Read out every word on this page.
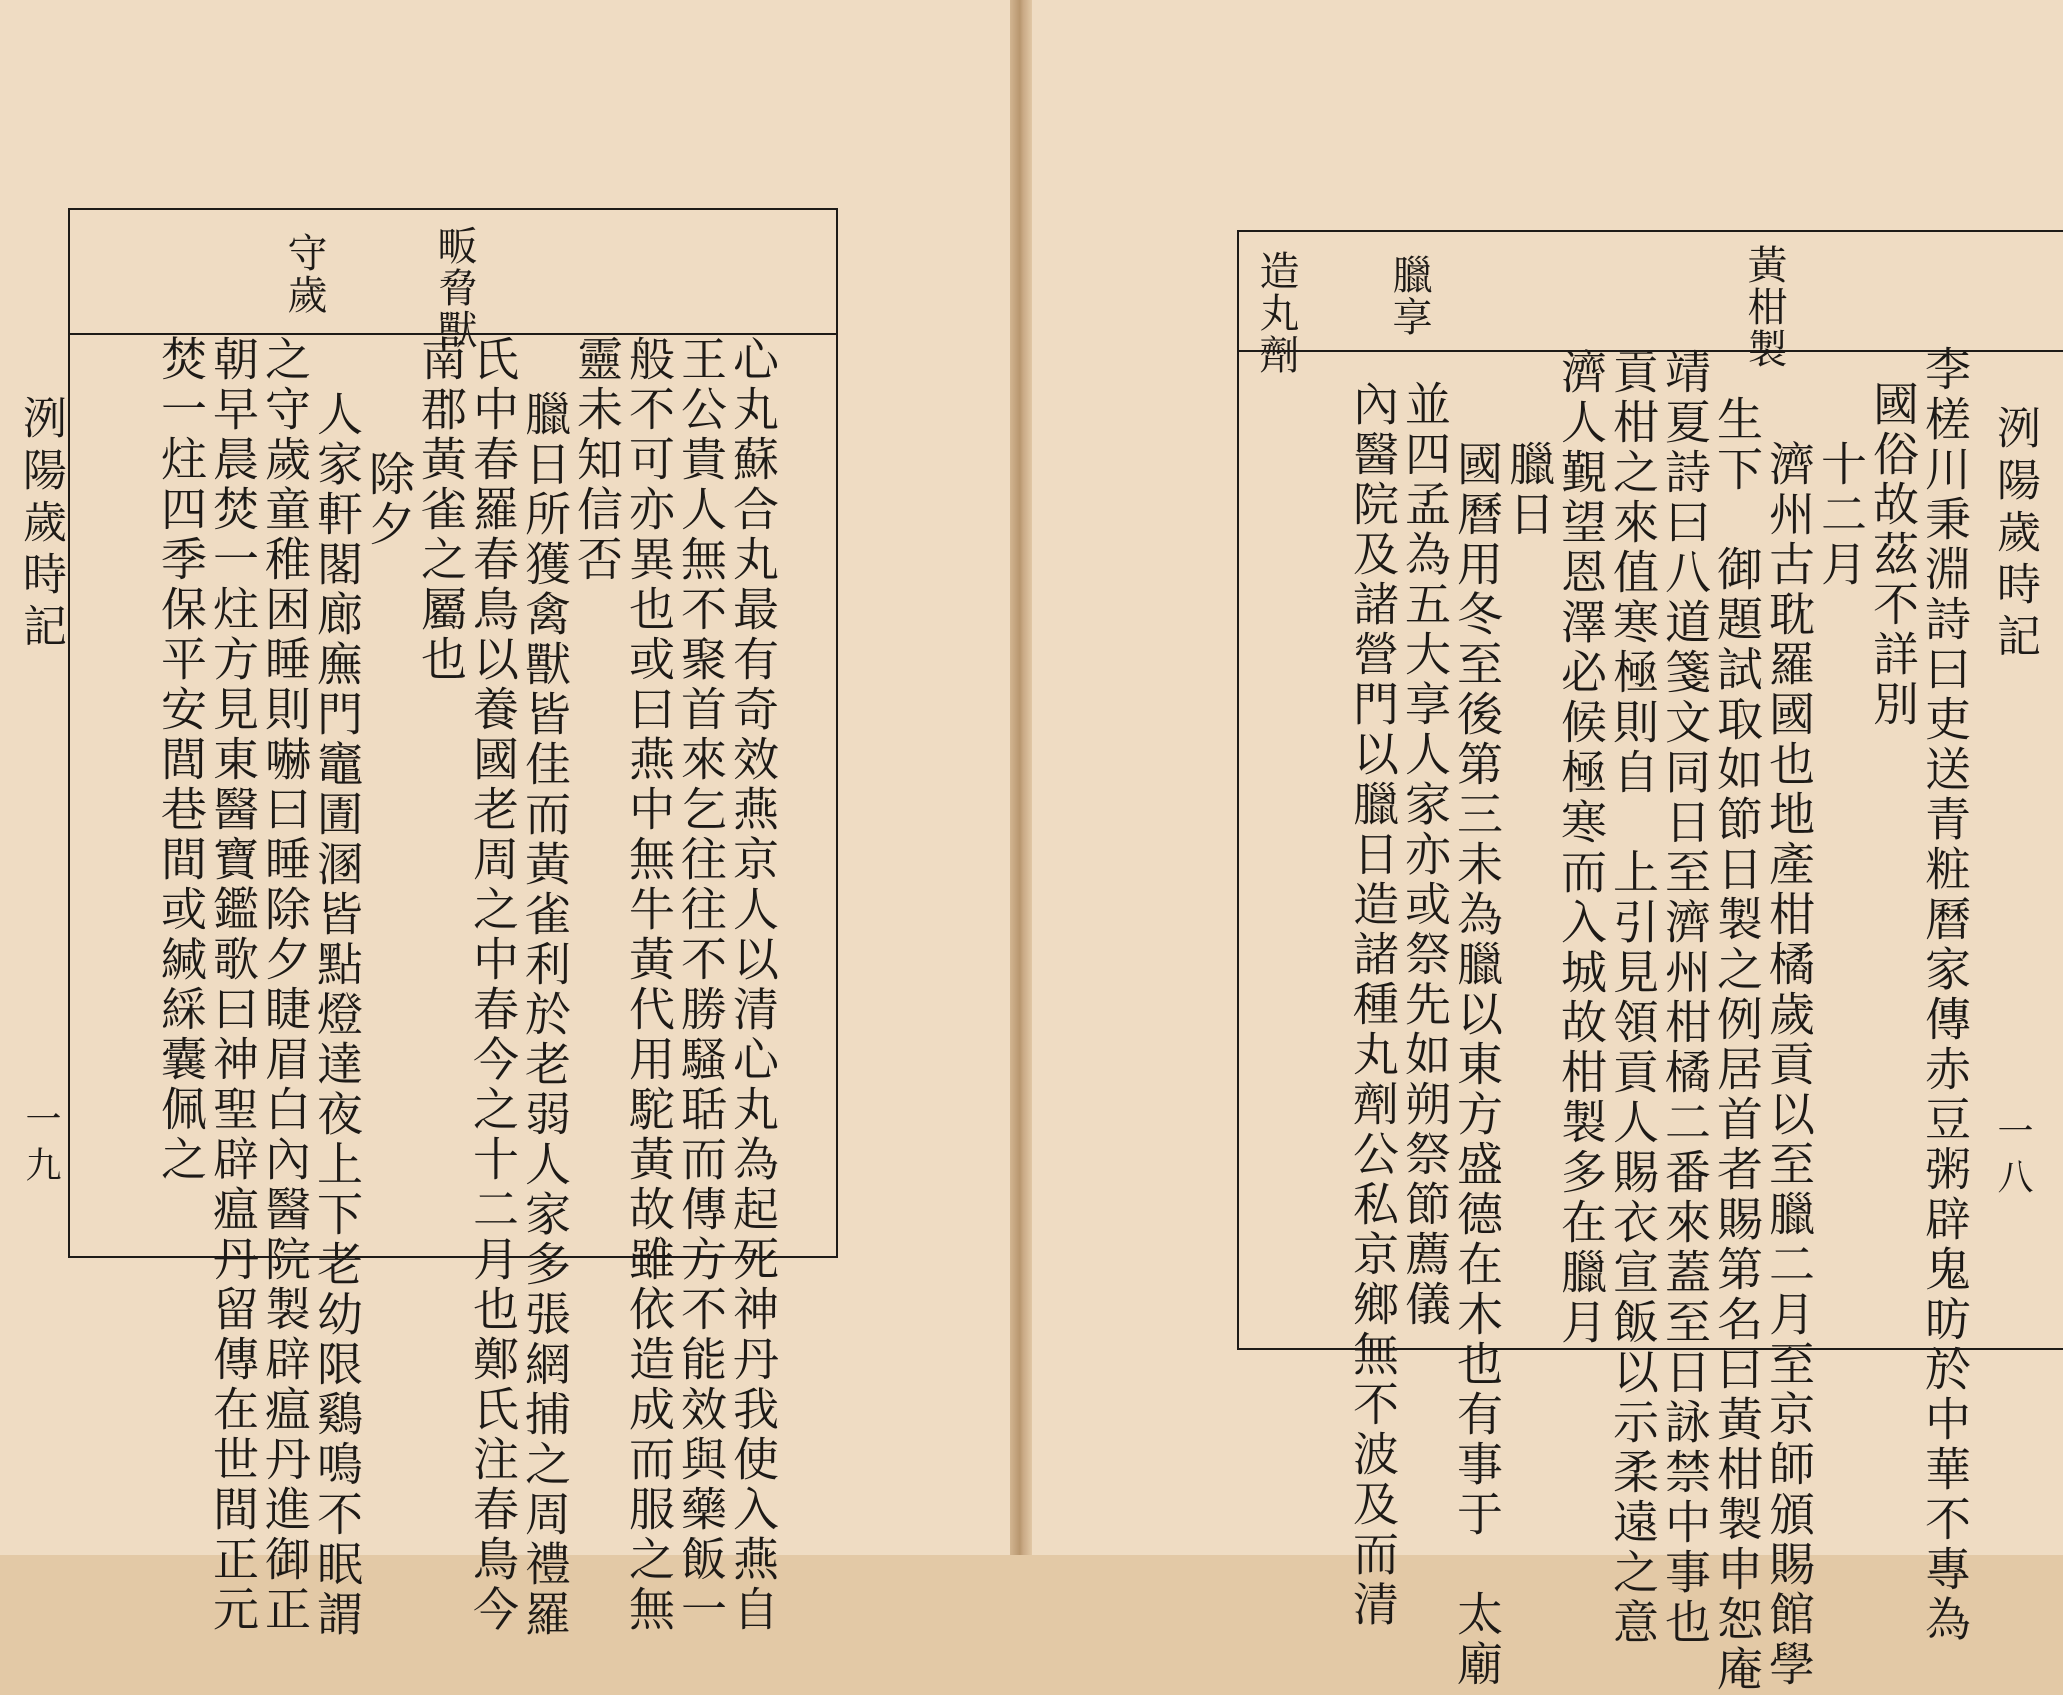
洌陽歲時記
一九
守歲	畈脅獸
心丸蘇合丸最有奇效燕京人以清心丸為起死神丹我使入燕自
王公貴人無不聚首來乞往往不勝騷聒而傳方不能效與藥飯一
般不可亦異也或曰燕中無牛黃代用駝黃故雖依造成而服之無
靈未知信否
臘日所獲禽獸皆佳而黃雀利於老弱人家多張網捕之周禮羅
氏中春羅春鳥以養國老周之中春今之十二月也鄭氏注春鳥今
南郡黃雀之屬也
除夕
人家軒閣廊廡門竈圊溷皆點燈達夜上下老幼限鷄鳴不眠謂
之守歲童稚困睡則嚇曰睡除夕睫眉白內醫院製辟瘟丹進御正
朝早晨焚一炷方見東醫寶鑑歌曰神聖辟瘟丹留傳在世間正元
焚一炷四季保平安閭巷間或緘綵囊佩之	洌陽歲時記
一八
黃柑製
臘享
造丸劑
李槎川秉淵詩曰吏送青粧曆家傳赤豆粥辟鬼昉於中華不專為
國俗故茲不詳別
十二月
濟州古耽羅國也地產柑橘歲貢以至臘二月至京師頒賜館學
生下　御題試取如節日製之例居首者賜第名曰黃柑製申恕庵
靖夏詩曰八道箋文同日至濟州柑橘二番來蓋至日詠禁中事也
貢柑之來值寒極則自　上引見領貢人賜衣宣飯以示柔遠之意
濟人覲望恩澤必候極寒而入城故柑製多在臘月
臘日
國曆用冬至後第三未為臘以東方盛德在木也有事于　太廟
並四孟為五大享人家亦或祭先如朔祭節薦儀
內醫院及諸營門以臘日造諸種丸劑公私京鄉無不波及而清
